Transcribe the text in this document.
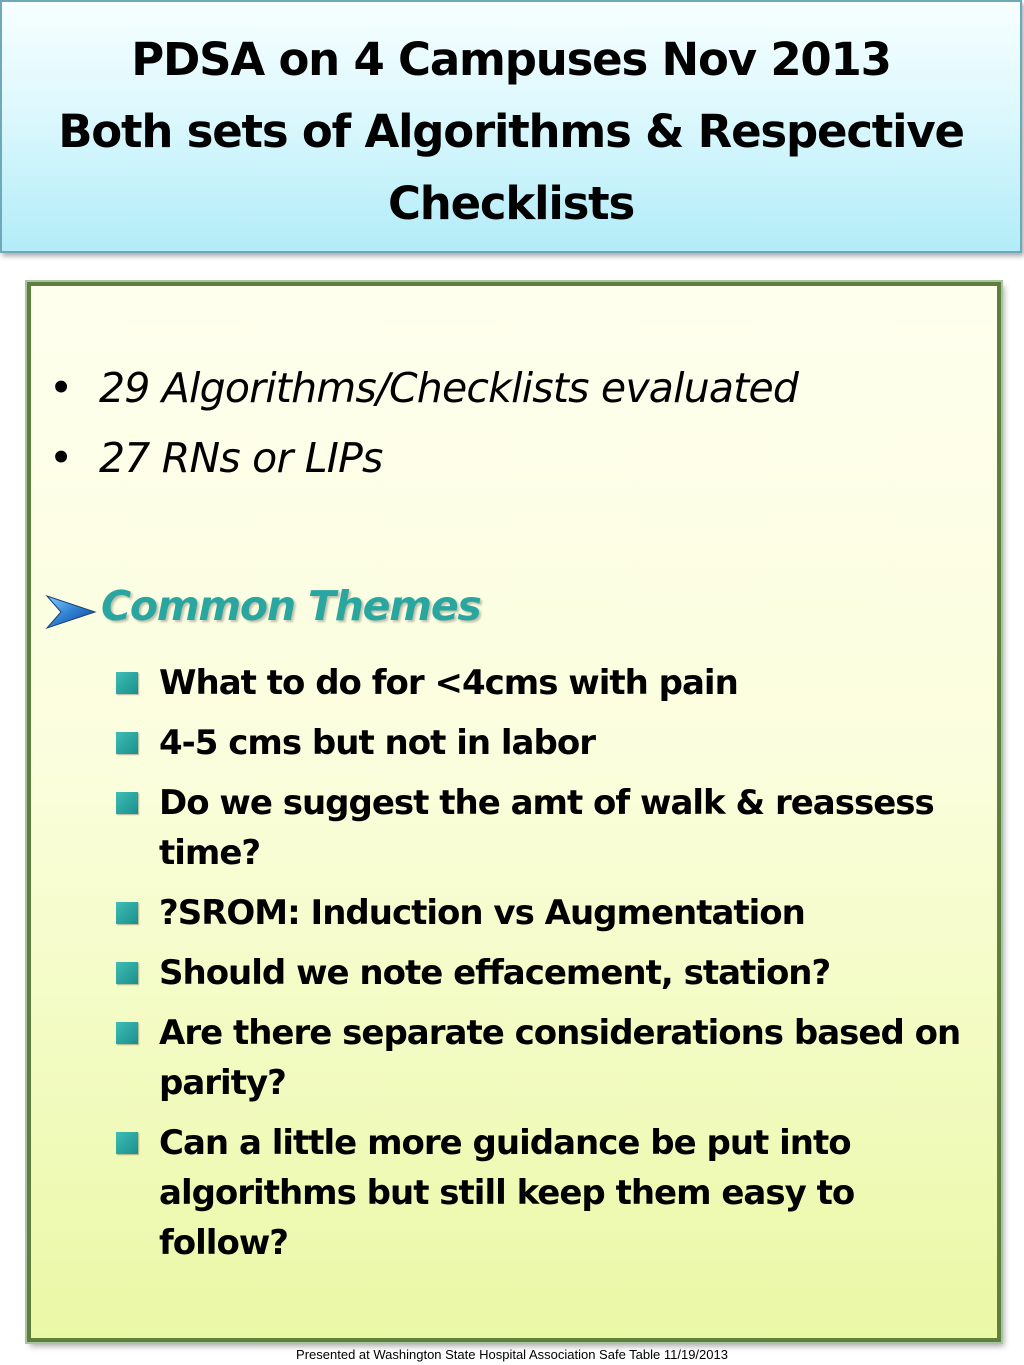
PDSA on 4 Campuses Nov 2013
Both sets of Algorithms & Respective
Checklists
• 29 Algorithms/Checklists evaluated
• 27 RNs or LIPs
Common Themes
What to do for <4cms with pain
4-5 cms but not in labor
Do we suggest the amt of walk & reassess time?
?SROM: Induction vs Augmentation
Should we note effacement, station?
Are there separate considerations based on parity?
Can a little more guidance be put into algorithms but still keep them easy to follow?
Presented at Washington State Hospital Association Safe Table 11/19/2013
